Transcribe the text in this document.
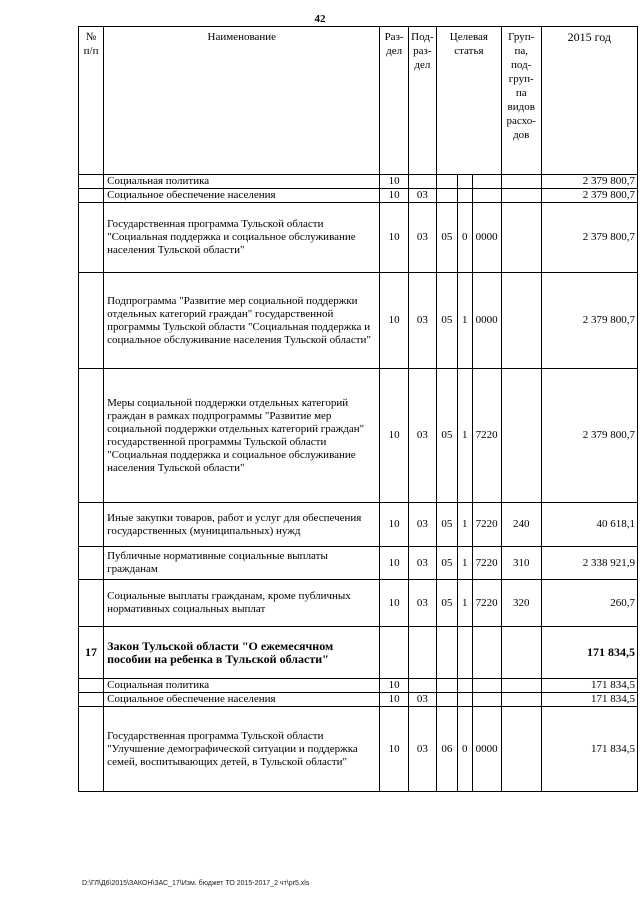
42
№ п/п	Наименование	Раз- дел	Под- раз- дел	Целевая статья			Груп- па, под- груп- па видов расхо- дов	2015 год
	Социальная политика	10						2 379 800,7
	Социальное обеспечение населения	10	03					2 379 800,7
	Государственная программа Тульской области "Социальная поддержка и социальное обслуживание населения Тульской области"	10	03	05	0	0000		2 379 800,7
	Подпрограмма "Развитие мер социальной поддержки отдельных категорий граждан" государственной программы Тульской области "Социальная поддержка и социальное обслуживание населения Тульской области"	10	03	05	1	0000		2 379 800,7
	Меры социальной поддержки отдельных категорий граждан в рамках подпрограммы "Развитие мер социальной поддержки отдельных категорий граждан" государственной программы Тульской области "Социальная поддержка и социальное обслуживание населения Тульской области"	10	03	05	1	7220		2 379 800,7
	Иные закупки товаров, работ и услуг для обеспечения государственных (муниципальных) нужд	10	03	05	1	7220	240	40 618,1
	Публичные нормативные социальные выплаты гражданам	10	03	05	1	7220	310	2 338 921,9
	Социальные выплаты гражданам, кроме публичных нормативных социальных выплат	10	03	05	1	7220	320	260,7
17	Закон Тульской области "О ежемесячном пособии на ребенка в Тульской области"							171 834,5
	Социальная политика	10						171 834,5
	Социальное обеспечение населения	10	03					171 834,5
	Государственная программа Тульской области "Улучшение демографической ситуации и поддержка семей, воспитывающих детей, в Тульской области"	10	03	06	0	0000		171 834,5
D:\ГЛ\Д6\2015\ЗАКОН\ЗАС_17\Изм. бюджет ТО 2015-2017_2 чт\pr5.xls
